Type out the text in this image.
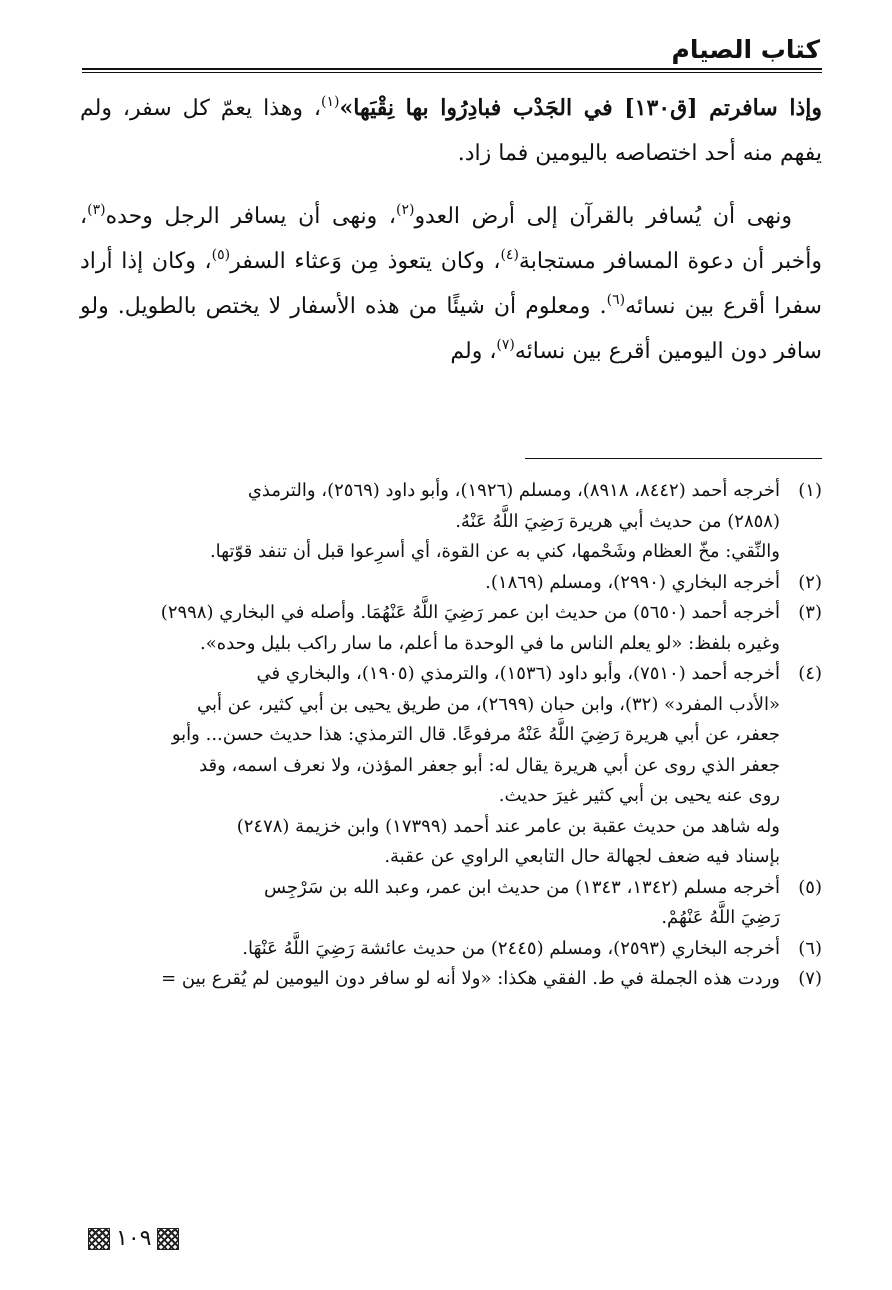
كتاب الصيام

وإذا سافرتم [ق١٣٠] في الجَدْب فبادِرُوا بها نِقْيَها»$^{(١)}$، وهذا يعمّ كل سفر، ولم يفهم منه أحد اختصاصه باليومين فما زاد.

ونهى أن يُسافر بالقرآن إلى أرض العدو$^{(٢)}$، ونهى أن يسافر الرجل وحده$^{(٣)}$، وأخبر أن دعوة المسافر مستجابة$^{(٤)}$، وكان يتعوذ مِن وَعثاء السفر$^{(٥)}$، وكان إذا أراد سفرا أقرع بين نسائه$^{(٦)}$. ومعلوم أن شيئًا من هذه الأسفار لا يختص بالطويل. ولو سافر دون اليومين أقرع بين نسائه$^{(٧)}$، ولم

(١)
أخرجه أحمد (٨٤٤٢، ٨٩١٨)، ومسلم (١٩٢٦)، وأبو داود (٢٥٦٩)، والترمذي
(٢٨٥٨) من حديث أبي هريرة رَضِيَ اللَّهُ عَنْهُ.
والنِّقي: مخّ العظام وشَحْمها، كني به عن القوة، أي أسرِعوا قبل أن تنفد قوّتها.
(٢)
أخرجه البخاري (٢٩٩٠)، ومسلم (١٨٦٩).
(٣)
أخرجه أحمد (٥٦٥٠) من حديث ابن عمر رَضِيَ اللَّهُ عَنْهُمَا. وأصله في البخاري (٢٩٩٨)
وغيره بلفظ: «لو يعلم الناس ما في الوحدة ما أعلم، ما سار راكب بليل وحده».
(٤)
أخرجه أحمد (٧٥١٠)، وأبو داود (١٥٣٦)، والترمذي (١٩٠٥)، والبخاري في
«الأدب المفرد» (٣٢)، وابن حبان (٢٦٩٩)، من طريق يحيى بن أبي كثير، عن أبي
جعفر، عن أبي هريرة رَضِيَ اللَّهُ عَنْهُ مرفوعًا. قال الترمذي: هذا حديث حسن... وأبو
جعفر الذي روى عن أبي هريرة يقال له: أبو جعفر المؤذن، ولا نعرف اسمه، وقد
روى عنه يحيى بن أبي كثير غيرَ حديث.
وله شاهد من حديث عقبة بن عامر عند أحمد (١٧٣٩٩) وابن خزيمة (٢٤٧٨)
بإسناد فيه ضعف لجهالة حال التابعي الراوي عن عقبة.
(٥)
أخرجه مسلم (١٣٤٢، ١٣٤٣) من حديث ابن عمر، وعبد الله بن سَرْجِس
رَضِيَ اللَّهُ عَنْهُمْ.
(٦)
أخرجه البخاري (٢٥٩٣)، ومسلم (٢٤٤٥) من حديث عائشة رَضِيَ اللَّهُ عَنْهَا.
(٧)
وردت هذه الجملة في ط. الفقي هكذا: «ولا أنه لو سافر دون اليومين لم يُقرع بين =
١٠٩
